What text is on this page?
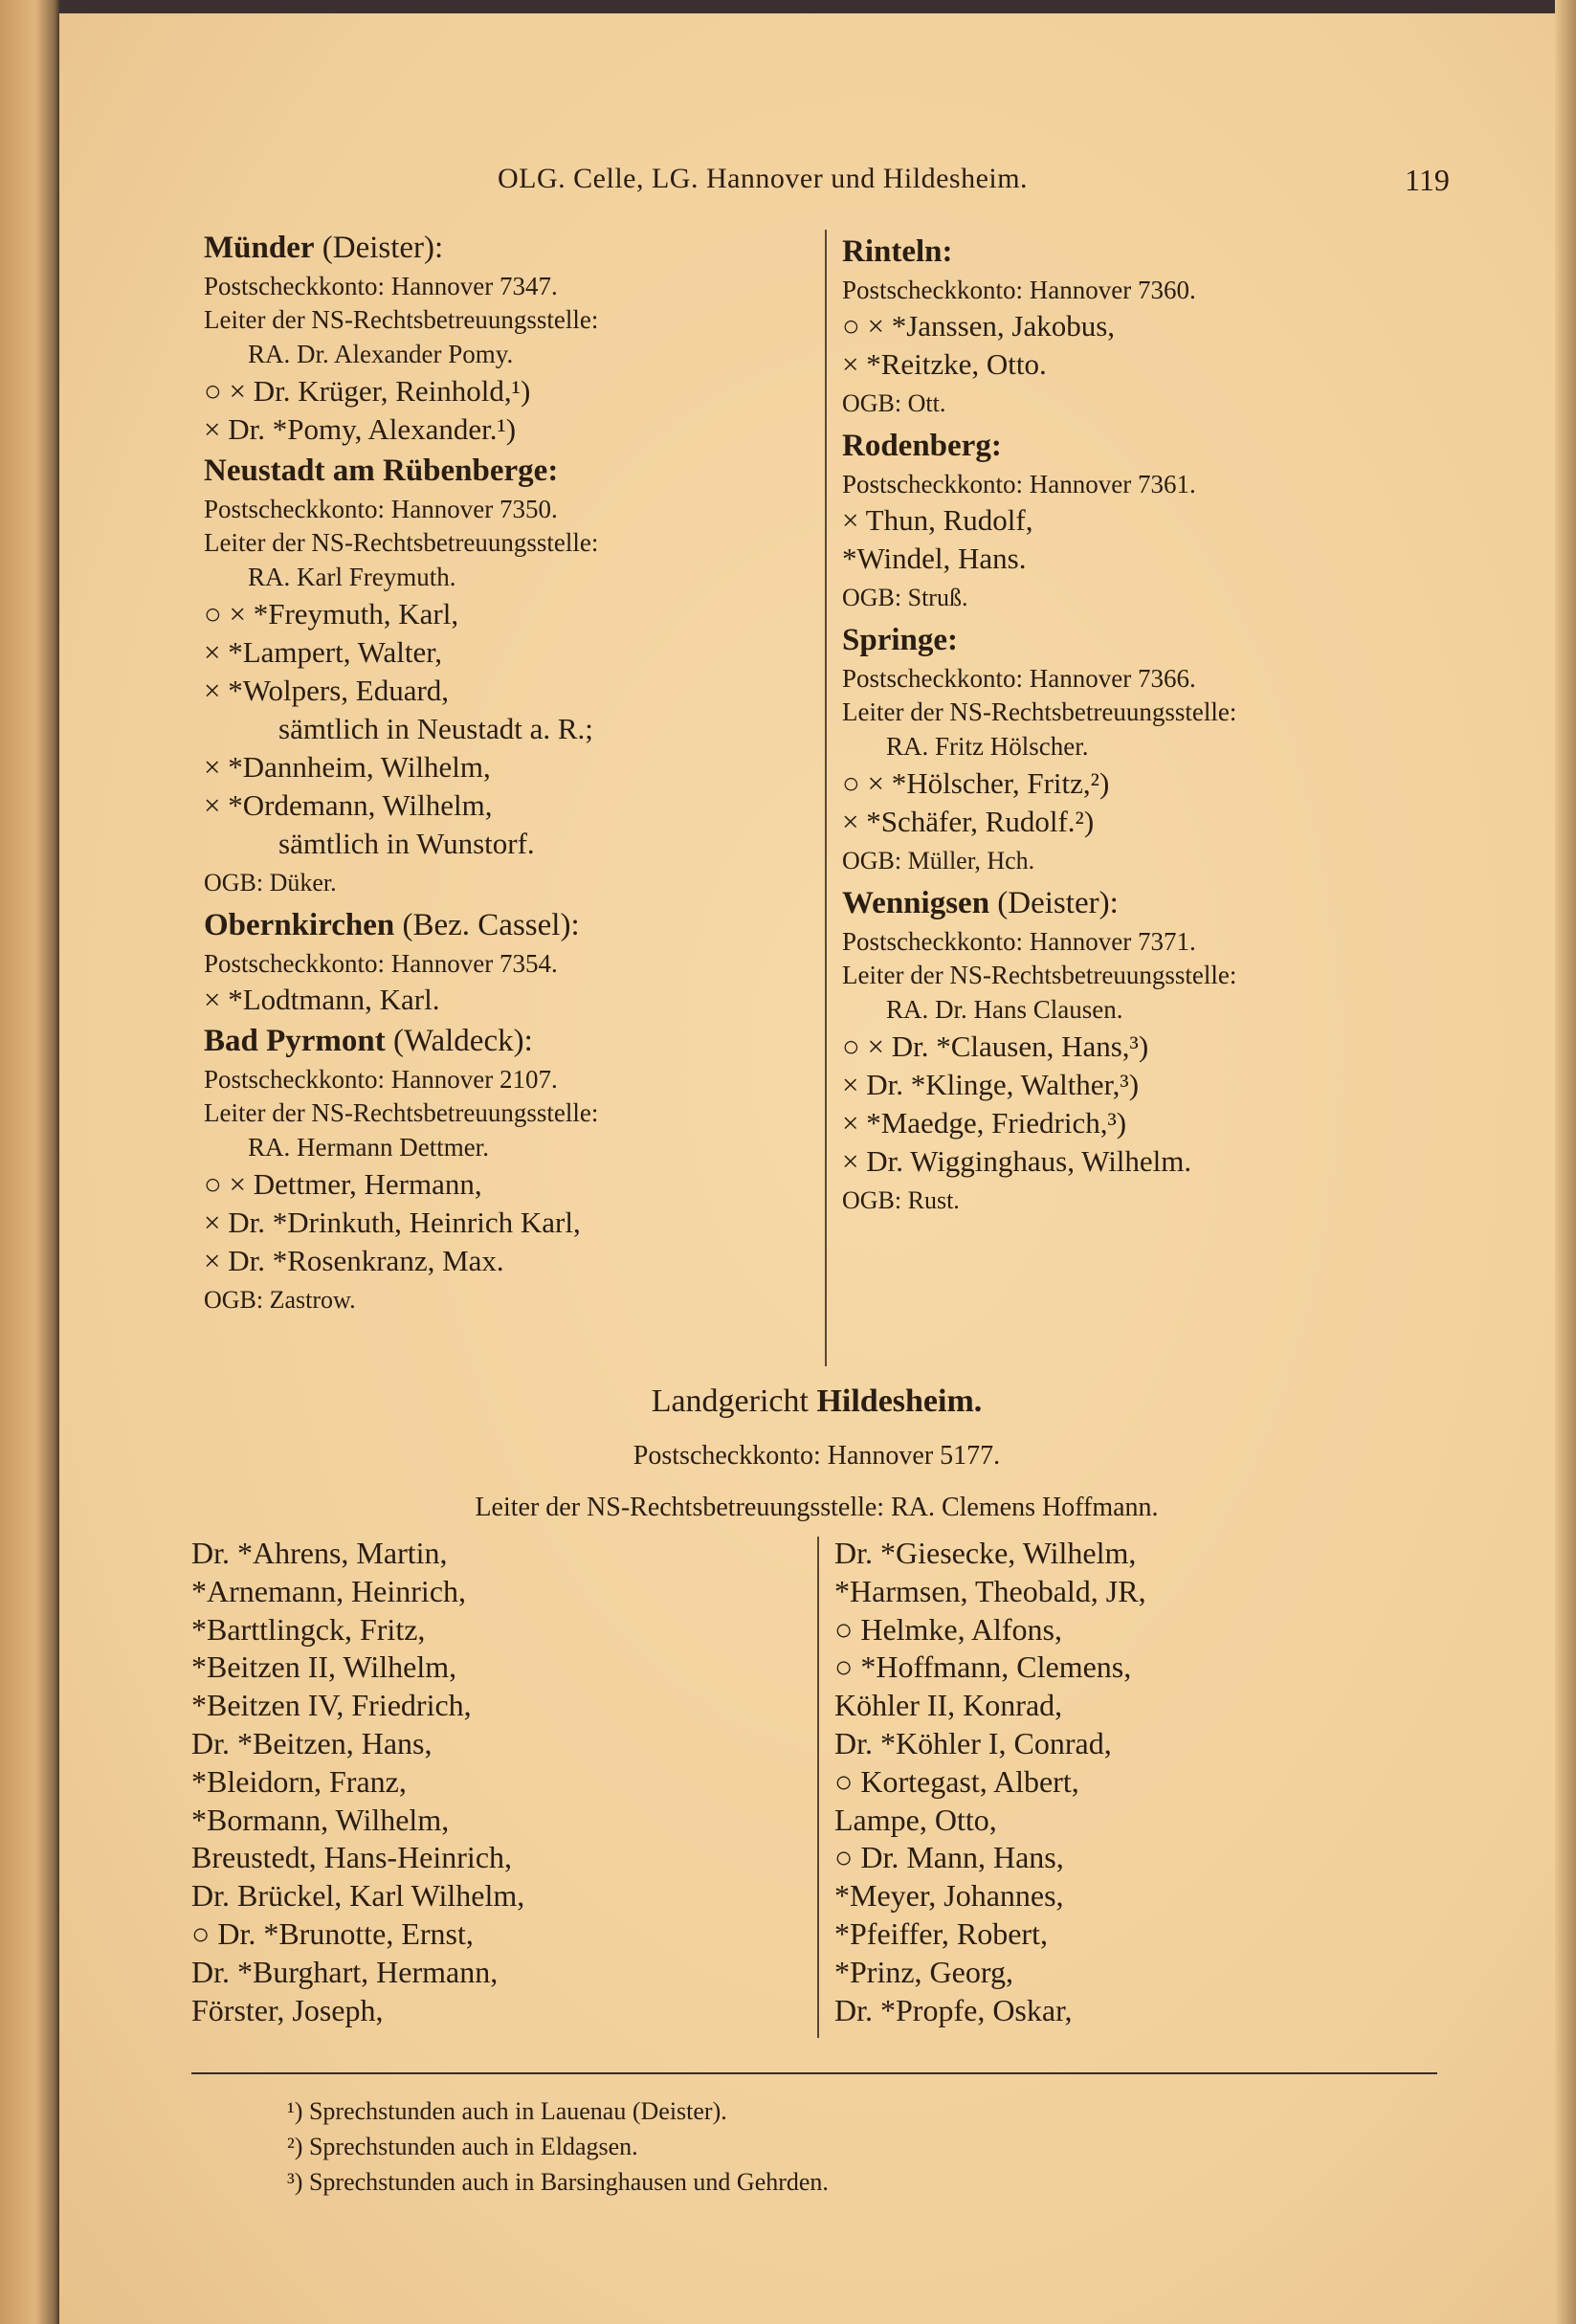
OLG. Celle, LG. Hannover und Hildesheim.	119
Münder (Deister):
Postscheckkonto: Hannover 7347.
Leiter der NS-Rechtsbetreuungsstelle:
RA. Dr. Alexander Pomy.
○ × Dr. Krüger, Reinhold,¹)
× Dr. *Pomy, Alexander.¹)
Neustadt am Rübenberge:
Postscheckkonto: Hannover 7350.
Leiter der NS-Rechtsbetreuungsstelle:
RA. Karl Freymuth.
○ × *Freymuth, Karl,
× *Lampert, Walter,
× *Wolpers, Eduard,
sämtlich in Neustadt a. R.;
× *Dannheim, Wilhelm,
× *Ordemann, Wilhelm,
sämtlich in Wunstorf.
OGB: Düker.
Obernkirchen (Bez. Cassel):
Postscheckkonto: Hannover 7354.
× *Lodtmann, Karl.
Bad Pyrmont (Waldeck):
Postscheckkonto: Hannover 2107.
Leiter der NS-Rechtsbetreuungsstelle:
RA. Hermann Dettmer.
○ × Dettmer, Hermann,
× Dr. *Drinkuth, Heinrich Karl,
× Dr. *Rosenkranz, Max.
OGB: Zastrow.
Rinteln:
Postscheckkonto: Hannover 7360.
○ × *Janssen, Jakobus,
× *Reitzke, Otto.
OGB: Ott.
Rodenberg:
Postscheckkonto: Hannover 7361.
× Thun, Rudolf,
*Windel, Hans.
OGB: Struß.
Springe:
Postscheckkonto: Hannover 7366.
Leiter der NS-Rechtsbetreuungsstelle:
RA. Fritz Hölscher.
○ × *Hölscher, Fritz,²)
× *Schäfer, Rudolf.²)
OGB: Müller, Hch.
Wennigsen (Deister):
Postscheckkonto: Hannover 7371.
Leiter der NS-Rechtsbetreuungsstelle:
RA. Dr. Hans Clausen.
○ × Dr. *Clausen, Hans,³)
× Dr. *Klinge, Walther,³)
× *Maedge, Friedrich,³)
× Dr. Wigginghaus, Wilhelm.
OGB: Rust.
Landgericht Hildesheim.
Postscheckkonto: Hannover 5177.
Leiter der NS-Rechtsbetreuungsstelle: RA. Clemens Hoffmann.
Dr. *Ahrens, Martin,
*Arnemann, Heinrich,
*Barttlingck, Fritz,
*Beitzen II, Wilhelm,
*Beitzen IV, Friedrich,
Dr. *Beitzen, Hans,
*Bleidorn, Franz,
*Bormann, Wilhelm,
Breustedt, Hans-Heinrich,
Dr. Brückel, Karl Wilhelm,
○ Dr. *Brunotte, Ernst,
Dr. *Burghart, Hermann,
Förster, Joseph,
Dr. *Giesecke, Wilhelm,
*Harmsen, Theobald, JR,
○ Helmke, Alfons,
○ *Hoffmann, Clemens,
Köhler II, Konrad,
Dr. *Köhler I, Conrad,
○ Kortegast, Albert,
Lampe, Otto,
○ Dr. Mann, Hans,
*Meyer, Johannes,
*Pfeiffer, Robert,
*Prinz, Georg,
Dr. *Propfe, Oskar,
¹) Sprechstunden auch in Lauenau (Deister).
²) Sprechstunden auch in Eldagsen.
³) Sprechstunden auch in Barsinghausen und Gehrden.
